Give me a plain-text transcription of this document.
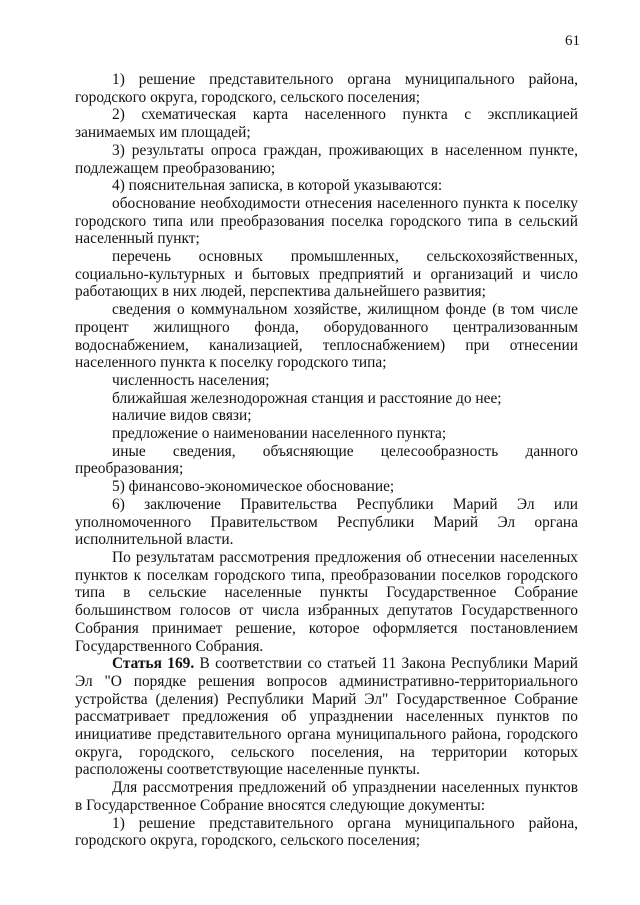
61

1) решение представительного органа муниципального района, городского округа, городского, сельского поселения;

2) схематическая карта населенного пункта с экспликацией занимаемых им площадей;

3) результаты опроса граждан, проживающих в населенном пункте, подлежащем преобразованию;

4) пояснительная записка, в которой указываются:

обоснование необходимости отнесения населенного пункта к поселку городского типа или преобразования поселка городского типа в сельский населенный пункт;

перечень основных промышленных, сельскохозяйственных, социально-культурных и бытовых предприятий и организаций и число работающих в них людей, перспектива дальнейшего развития;

сведения о коммунальном хозяйстве, жилищном фонде (в том числе процент жилищного фонда, оборудованного централизованным водоснабжением, канализацией, теплоснабжением) при отнесении населенного пункта к поселку городского типа;

численность населения;

ближайшая железнодорожная станция и расстояние до нее;

наличие видов связи;

предложение о наименовании населенного пункта;

иные сведения, объясняющие целесообразность данного преобразования;

5) финансово-экономическое обоснование;

6) заключение Правительства Республики Марий Эл или уполномоченного Правительством Республики Марий Эл органа исполнительной власти.

По результатам рассмотрения предложения об отнесении населенных пунктов к поселкам городского типа, преобразовании поселков городского типа в сельские населенные пункты Государственное Собрание большинством голосов от числа избранных депутатов Государственного Собрания принимает решение, которое оформляется постановлением Государственного Собрания.

Статья 169. В соответствии со статьей 11 Закона Республики Марий Эл "О порядке решения вопросов административно-территориального устройства (деления) Республики Марий Эл" Государственное Собрание рассматривает предложения об упразднении населенных пунктов по инициативе представительного органа муниципального района, городского округа, городского, сельского поселения, на территории которых расположены соответствующие населенные пункты.

Для рассмотрения предложений об упразднении населенных пунктов в Государственное Собрание вносятся следующие документы:

1) решение представительного органа муниципального района, городского округа, городского, сельского поселения;
